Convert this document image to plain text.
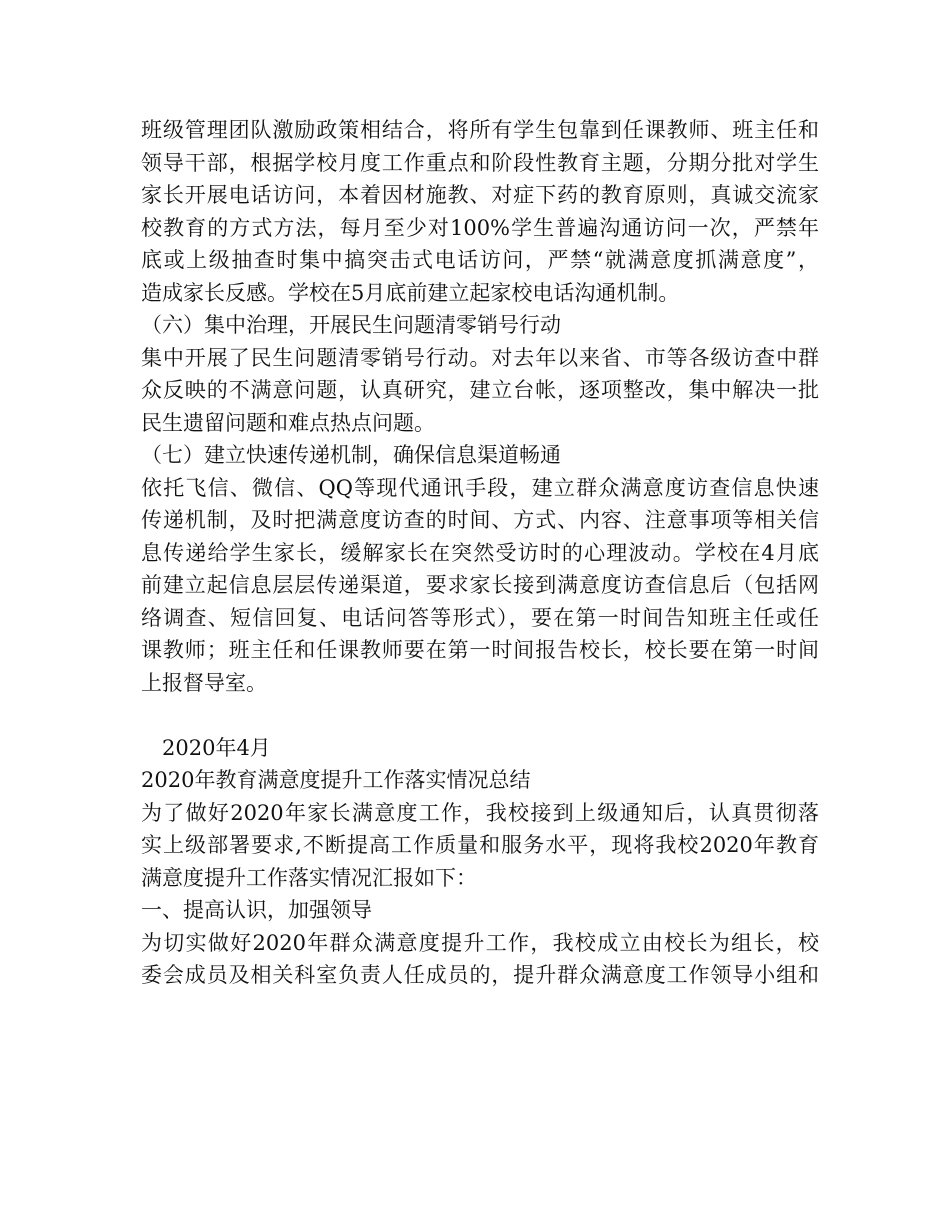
班级管理团队激励政策相结合，将所有学生包靠到任课教师、班主任和
领导干部，根据学校月度工作重点和阶段性教育主题，分期分批对学生
家长开展电话访问，本着因材施教、对症下药的教育原则，真诚交流家
校教育的方式方法，每月至少对100%学生普遍沟通访问一次，严禁年
底或上级抽查时集中搞突击式电话访问，严禁“就满意度抓满意度”，
造成家长反感。学校在5月底前建立起家校电话沟通机制。
（六）集中治理，开展民生问题清零销号行动
集中开展了民生问题清零销号行动。对去年以来省、市等各级访查中群
众反映的不满意问题，认真研究，建立台帐，逐项整改，集中解决一批
民生遗留问题和难点热点问题。
（七）建立快速传递机制，确保信息渠道畅通
依托飞信、微信、QQ等现代通讯手段，建立群众满意度访查信息快速
传递机制，及时把满意度访查的时间、方式、内容、注意事项等相关信
息传递给学生家长，缓解家长在突然受访时的心理波动。学校在4月底
前建立起信息层层传递渠道，要求家长接到满意度访查信息后（包括网
络调查、短信回复、电话问答等形式），要在第一时间告知班主任或任
课教师；班主任和任课教师要在第一时间报告校长，校长要在第一时间
上报督导室。
2020年4月
2020年教育满意度提升工作落实情况总结
为了做好2020年家长满意度工作，我校接到上级通知后，认真贯彻落
实上级部署要求,不断提高工作质量和服务水平，现将我校2020年教育
满意度提升工作落实情况汇报如下：
一、提高认识，加强领导
为切实做好2020年群众满意度提升工作，我校成立由校长为组长，校
委会成员及相关科室负责人任成员的，提升群众满意度工作领导小组和
